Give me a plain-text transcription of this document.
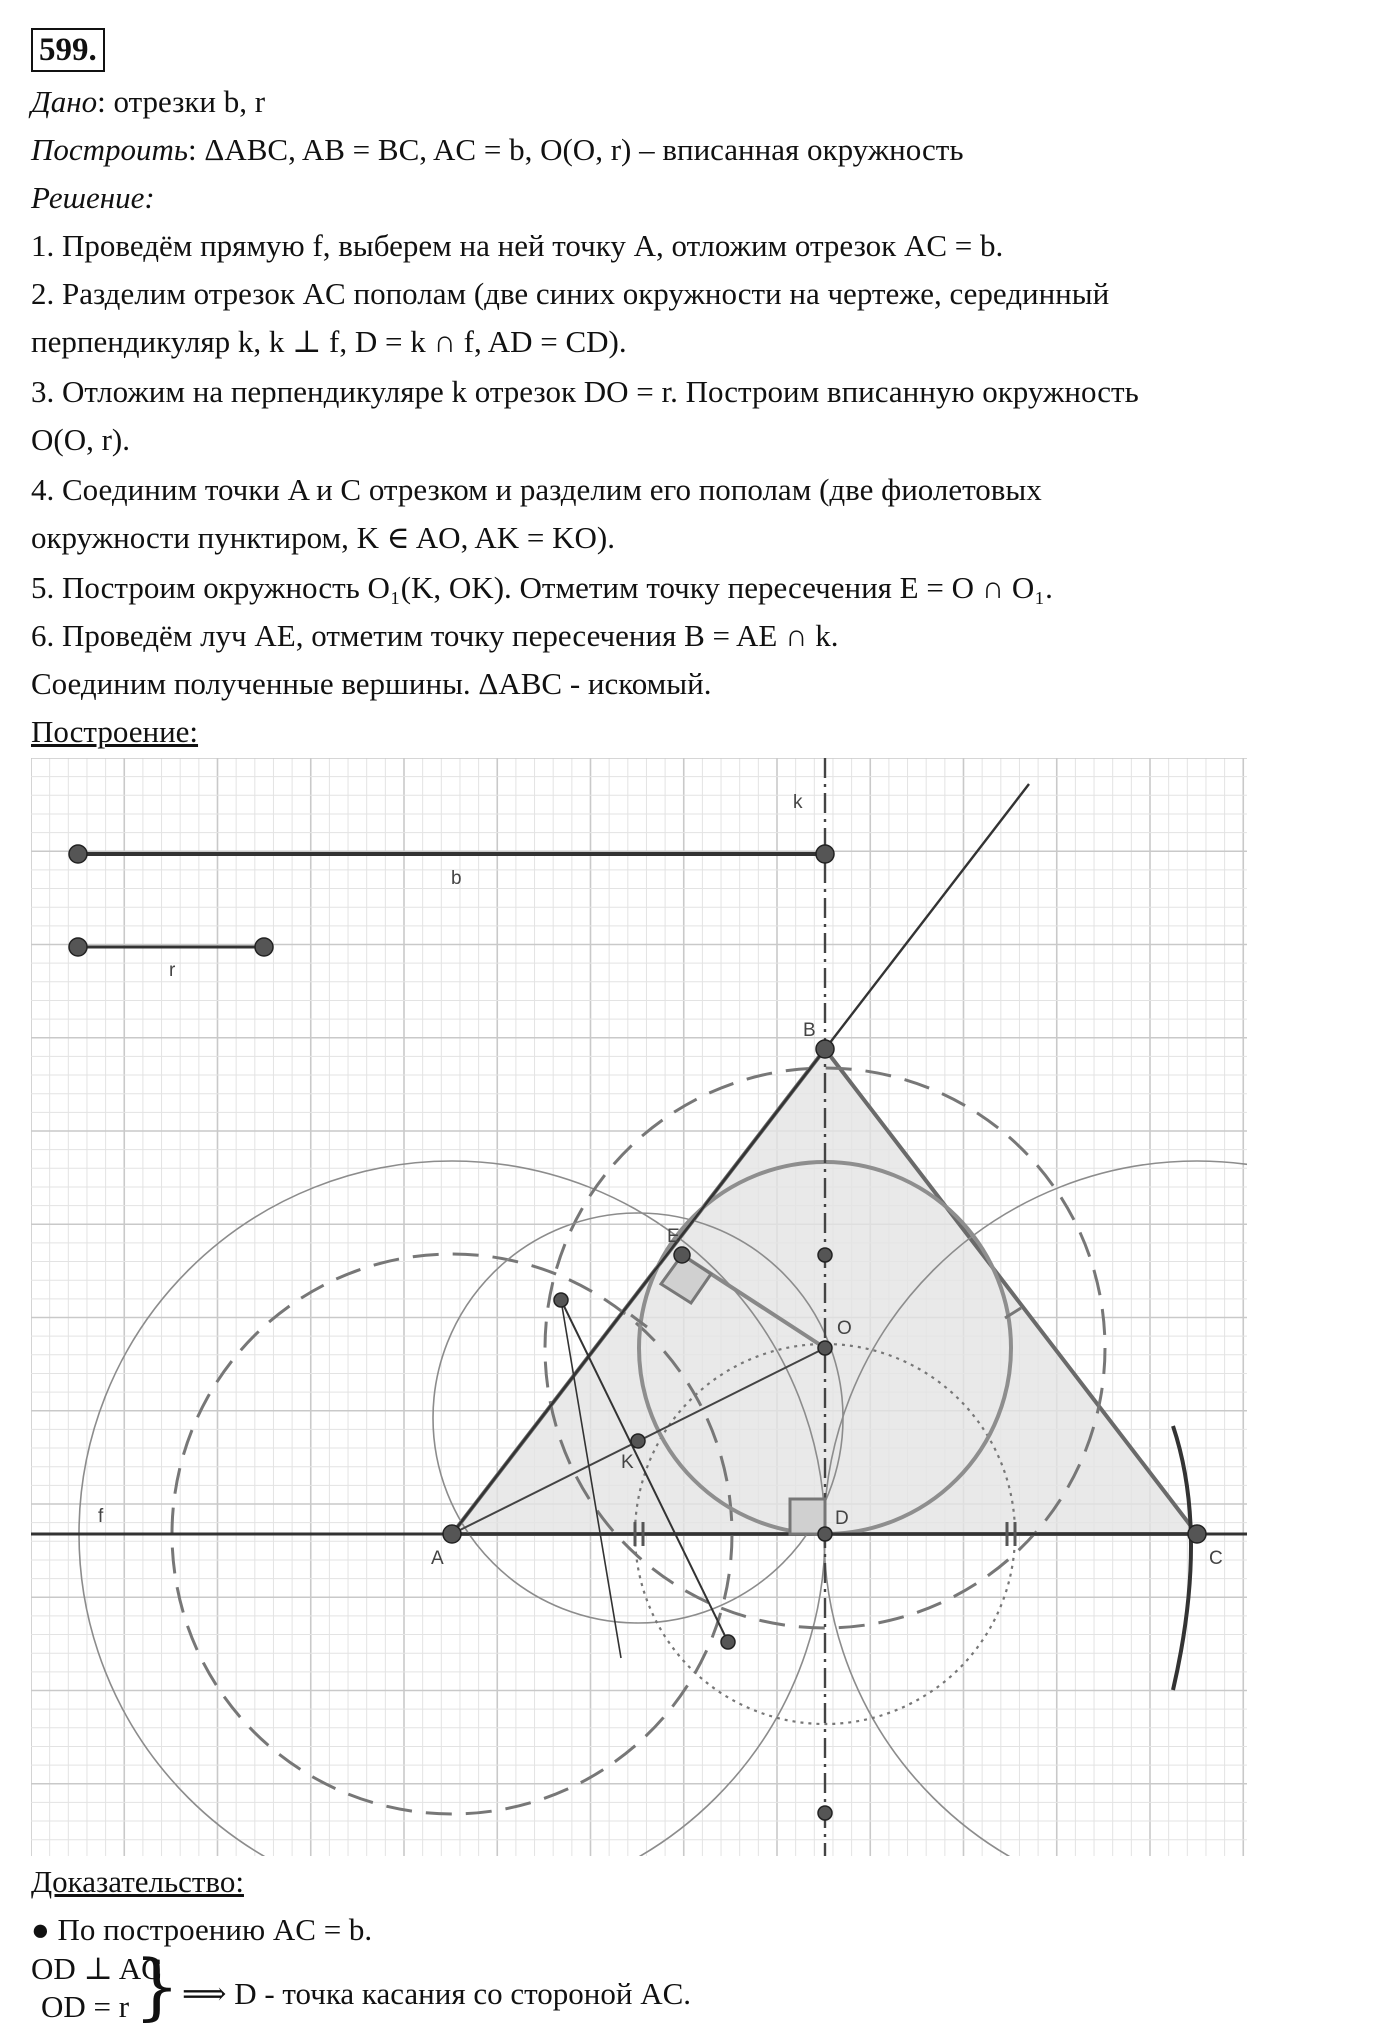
599.
Дано: отрезки b, r
Построить: ΔABC, AB = BC, AC = b, O(O, r) – вписанная окружность
Решение:
1. Проведём прямую f, выберем на ней точку A, отложим отрезок AC = b.
2. Разделим отрезок AC пополам (две синих окружности на чертеже, серединный
перпендикуляр k, k ⊥ f, D = k ∩ f, AD = CD).
3. Отложим на перпендикуляре k отрезок DO = r. Построим вписанную окружность
O(O, r).
4. Соединим точки A и C отрезком и разделим его пополам (две фиолетовых
окружности пунктиром, K ∈ AO, AK = KO).
5. Построим окружность O₁(K, OK). Отметим точку пересечения E = O ∩ O₁.
6. Проведём луч AE, отметим точку пересечения B = AE ∩ k.
Соединим полученные вершины. ΔABC - искомый.
Построение:
A
B
C
D
E
O
K
f
k
b
r
Доказательство:
● По построению AC = b.
OD ⊥ AC
OD = r } ⟹ D - точка касания со стороной AC.
